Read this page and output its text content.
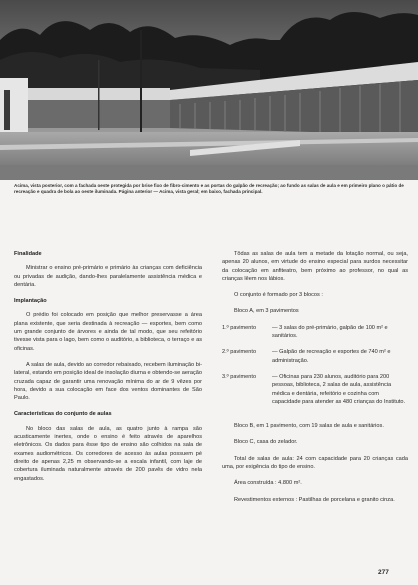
Acima, vista posterior, com a fachada oeste protegida por brise fixo de fibro-cimento e as portas do galpão de recreação; ao fundo as salas de aula e em primeiro plano o pátio de recreação e quadra de bola ao oeste iluminada. Página anterior — Acima, vista geral; em baixo, fachada principal.

Finalidade

Ministrar o ensino pré-primário e primário às crianças com deficiência ou privadas de audição, dando-lhes paralelamente assistência médica e dentária.

Implantação

O prédio foi colocado em posição que melhor preservasse a área plana existente, que seria destinada à recreação — esportes, bem como um grande conjunto de árvores e ainda de tal modo, que seu refeitório tivesse vista para o lago, bem como o auditório, a biblioteca, o terraço e as oficinas.

A salas de aula, devido ao corredor rebaixado, recebem iluminação bi-lateral, estando em posição ideal de insolação diurna e obtendo-se aeração cruzada capaz de garantir uma renovação mínima do ar de 9 vêzes por hora, devido a sua colocação em face dos ventos dominantes de São Paulo.

Características do conjunto de aulas

No bloco das salas de aula, as quatro junto à rampa são acusticamente inertes, onde o ensino é feito através de aparelhos eletrônicos. Os dados para êsse tipo de ensino são colhidos na sala de exames audiométricos. Os corredores de acesso às aulas possuem pé direito de apenas 2,25 m observando-se a escala infantil, com laje de cobertura iluminada naturalmente através de 200 pavês de vidro nela engastados.

Tôdas as salas de aula tem a metade da lotação normal, ou seja, apenas 20 alunos, em virtude do ensino especial para surdos necessitar da colocação em anfiteatro, bem próximo ao professor, no qual as crianças lêem nos lábios.

O conjunto é formado por 3 blocos :

Bloco A, em 3 pavimentos

1.º pavimento	— 3 salas do pré-primário, galpão de 100 m² e sanitários.
2.º pavimento	— Galpão de recreação e esportes de 740 m² e administração.
3.º pavimento	— Oficinas para 230 alunos, auditório para 200 pessoas, biblioteca, 2 salas de aula, assistência médica e dentária, refeitório e cozinha com capacidade para atender as 480 crianças do Instituto.

Bloco B, em 1 pavimento, com 19 salas de aula e sanitários.

Bloco C, casa do zelador.

Total de salas de aula: 24 com capacidade para 20 crianças cada uma, por exigência do tipo de ensino.

Área construída : 4.800 m².

Revestimentos externos : Pastilhas de porcelana e granito cinza.

277
